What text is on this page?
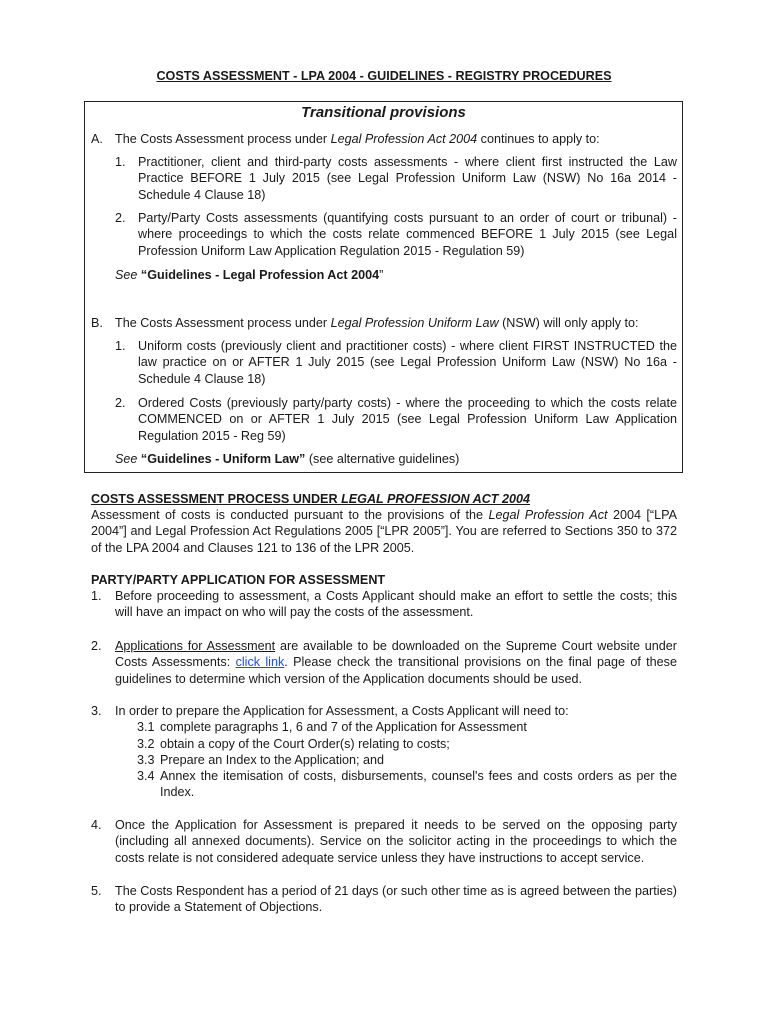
COSTS ASSESSMENT - LPA 2004 - GUIDELINES - REGISTRY PROCEDURES
Transitional provisions
A. The Costs Assessment process under Legal Profession Act 2004 continues to apply to:
1. Practitioner, client and third-party costs assessments - where client first instructed the Law Practice BEFORE 1 July 2015 (see Legal Profession Uniform Law (NSW) No 16a 2014 - Schedule 4 Clause 18)
2. Party/Party Costs assessments (quantifying costs pursuant to an order of court or tribunal) - where proceedings to which the costs relate commenced BEFORE 1 July 2015 (see Legal Profession Uniform Law Application Regulation 2015 - Regulation 59)
See “Guidelines - Legal Profession Act 2004”
B. The Costs Assessment process under Legal Profession Uniform Law (NSW) will only apply to:
1. Uniform costs (previously client and practitioner costs) - where client FIRST INSTRUCTED the law practice on or AFTER 1 July 2015 (see Legal Profession Uniform Law (NSW) No 16a - Schedule 4 Clause 18)
2. Ordered Costs (previously party/party costs) - where the proceeding to which the costs relate COMMENCED on or AFTER 1 July 2015 (see Legal Profession Uniform Law Application Regulation 2015 - Reg 59)
See “Guidelines - Uniform Law” (see alternative guidelines)
COSTS ASSESSMENT PROCESS UNDER LEGAL PROFESSION ACT 2004
Assessment of costs is conducted pursuant to the provisions of the Legal Profession Act 2004 [“LPA 2004”] and Legal Profession Act Regulations 2005 [“LPR 2005”]. You are referred to Sections 350 to 372 of the LPA 2004 and Clauses 121 to 136 of the LPR 2005.
PARTY/PARTY APPLICATION FOR ASSESSMENT
1. Before proceeding to assessment, a Costs Applicant should make an effort to settle the costs; this will have an impact on who will pay the costs of the assessment.
2. Applications for Assessment are available to be downloaded on the Supreme Court website under Costs Assessments: click link. Please check the transitional provisions on the final page of these guidelines to determine which version of the Application documents should be used.
3. In order to prepare the Application for Assessment, a Costs Applicant will need to:
3.1 complete paragraphs 1, 6 and 7 of the Application for Assessment
3.2 obtain a copy of the Court Order(s) relating to costs;
3.3 Prepare an Index to the Application; and
3.4 Annex the itemisation of costs, disbursements, counsel's fees and costs orders as per the Index.
4. Once the Application for Assessment is prepared it needs to be served on the opposing party (including all annexed documents). Service on the solicitor acting in the proceedings to which the costs relate is not considered adequate service unless they have instructions to accept service.
5. The Costs Respondent has a period of 21 days (or such other time as is agreed between the parties) to provide a Statement of Objections.
